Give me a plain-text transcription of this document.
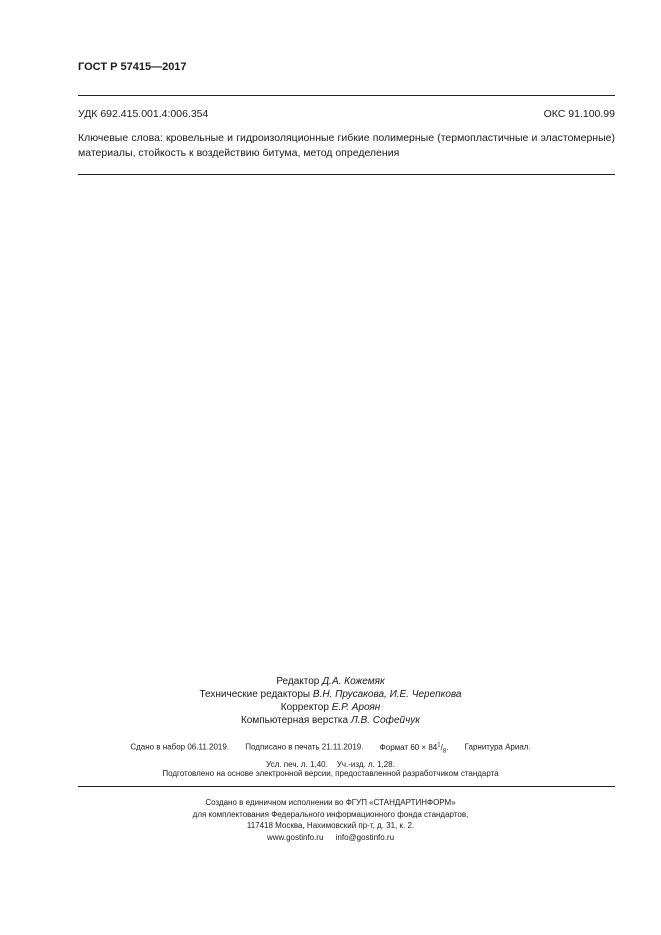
ГОСТ Р 57415—2017
УДК 692.415.001.4:006.354	ОКС 91.100.99
Ключевые слова: кровельные и гидроизоляционные гибкие полимерные (термопластичные и эластомерные) материалы, стойкость к воздействию битума, метод определения
Редактор Д.А. Кожемяк
Технические редакторы В.Н. Прусакова, И.Е. Черепкова
Корректор Е.Р. Ароян
Компьютерная верстка Л.В. Софейчук
Сдано в набор 06.11.2019. Подписано в печать 21.11.2019. Формат $60 \times 84^1/_8$. Гарнитура Ариал.
Усл. печ. л. 1,40. Уч.-изд. л. 1,28.
Подготовлено на основе электронной версии, предоставленной разработчиком стандарта
Создано в единичном исполнении во ФГУП «СТАНДАРТИНФОРМ»
для комплектования Федерального информационного фонда стандартов,
117418 Москва, Нахимовский пр-т, д. 31, к. 2.
www.gostinfo.ru info@gostinfo.ru
